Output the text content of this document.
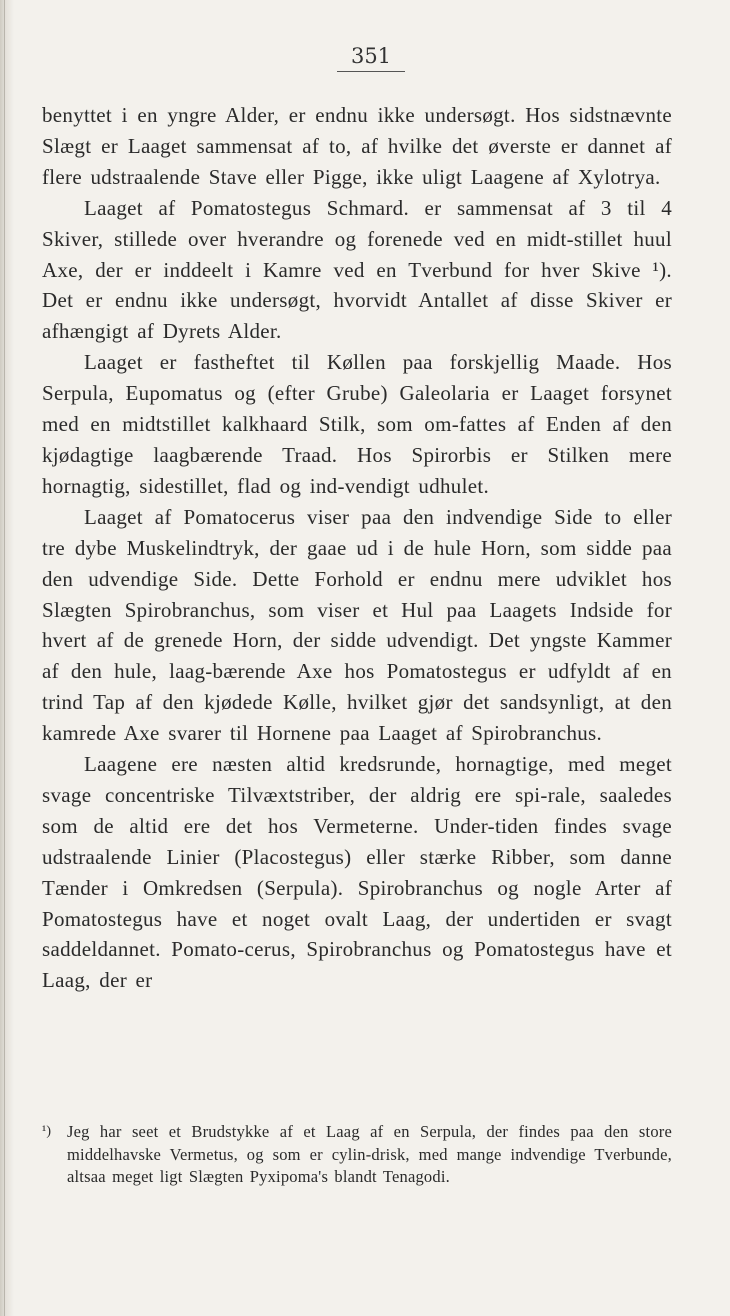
351

benyttet i en yngre Alder, er endnu ikke undersøgt. Hos sidstnævnte Slægt er Laaget sammensat af to, af hvilke det øverste er dannet af flere udstraalende Stave eller Pigge, ikke uligt Laagene af Xylotrya.

Laaget af Pomatostegus Schmard. er sammensat af 3 til 4 Skiver, stillede over hverandre og forenede ved en midt-stillet huul Axe, der er inddeelt i Kamre ved en Tverbund for hver Skive ¹). Det er endnu ikke undersøgt, hvorvidt Antallet af disse Skiver er afhængigt af Dyrets Alder.

Laaget er fastheftet til Køllen paa forskjellig Maade. Hos Serpula, Eupomatus og (efter Grube) Galeolaria er Laaget forsynet med en midtstillet kalkhaard Stilk, som om-fattes af Enden af den kjødagtige laagbærende Traad. Hos Spirorbis er Stilken mere hornagtig, sidestillet, flad og ind-vendigt udhulet.

Laaget af Pomatocerus viser paa den indvendige Side to eller tre dybe Muskelindtryk, der gaae ud i de hule Horn, som sidde paa den udvendige Side. Dette Forhold er endnu mere udviklet hos Slægten Spirobranchus, som viser et Hul paa Laagets Indside for hvert af de grenede Horn, der sidde udvendigt. Det yngste Kammer af den hule, laag-bærende Axe hos Pomatostegus er udfyldt af en trind Tap af den kjødede Kølle, hvilket gjør det sandsynligt, at den kamrede Axe svarer til Hornene paa Laaget af Spirobranchus.

Laagene ere næsten altid kredsrunde, hornagtige, med meget svage concentriske Tilvæxtstriber, der aldrig ere spi-rale, saaledes som de altid ere det hos Vermeterne. Under-tiden findes svage udstraalende Linier (Placostegus) eller stærke Ribber, som danne Tænder i Omkredsen (Serpula). Spirobranchus og nogle Arter af Pomatostegus have et noget ovalt Laag, der undertiden er svagt saddeldannet. Pomato-cerus, Spirobranchus og Pomatostegus have et Laag, der er

¹) Jeg har seet et Brudstykke af et Laag af en Serpula, der findes paa den store middelhavske Vermetus, og som er cylin-drisk, med mange indvendige Tverbunde, altsaa meget ligt Slægten Pyxipoma's blandt Tenagodi.
